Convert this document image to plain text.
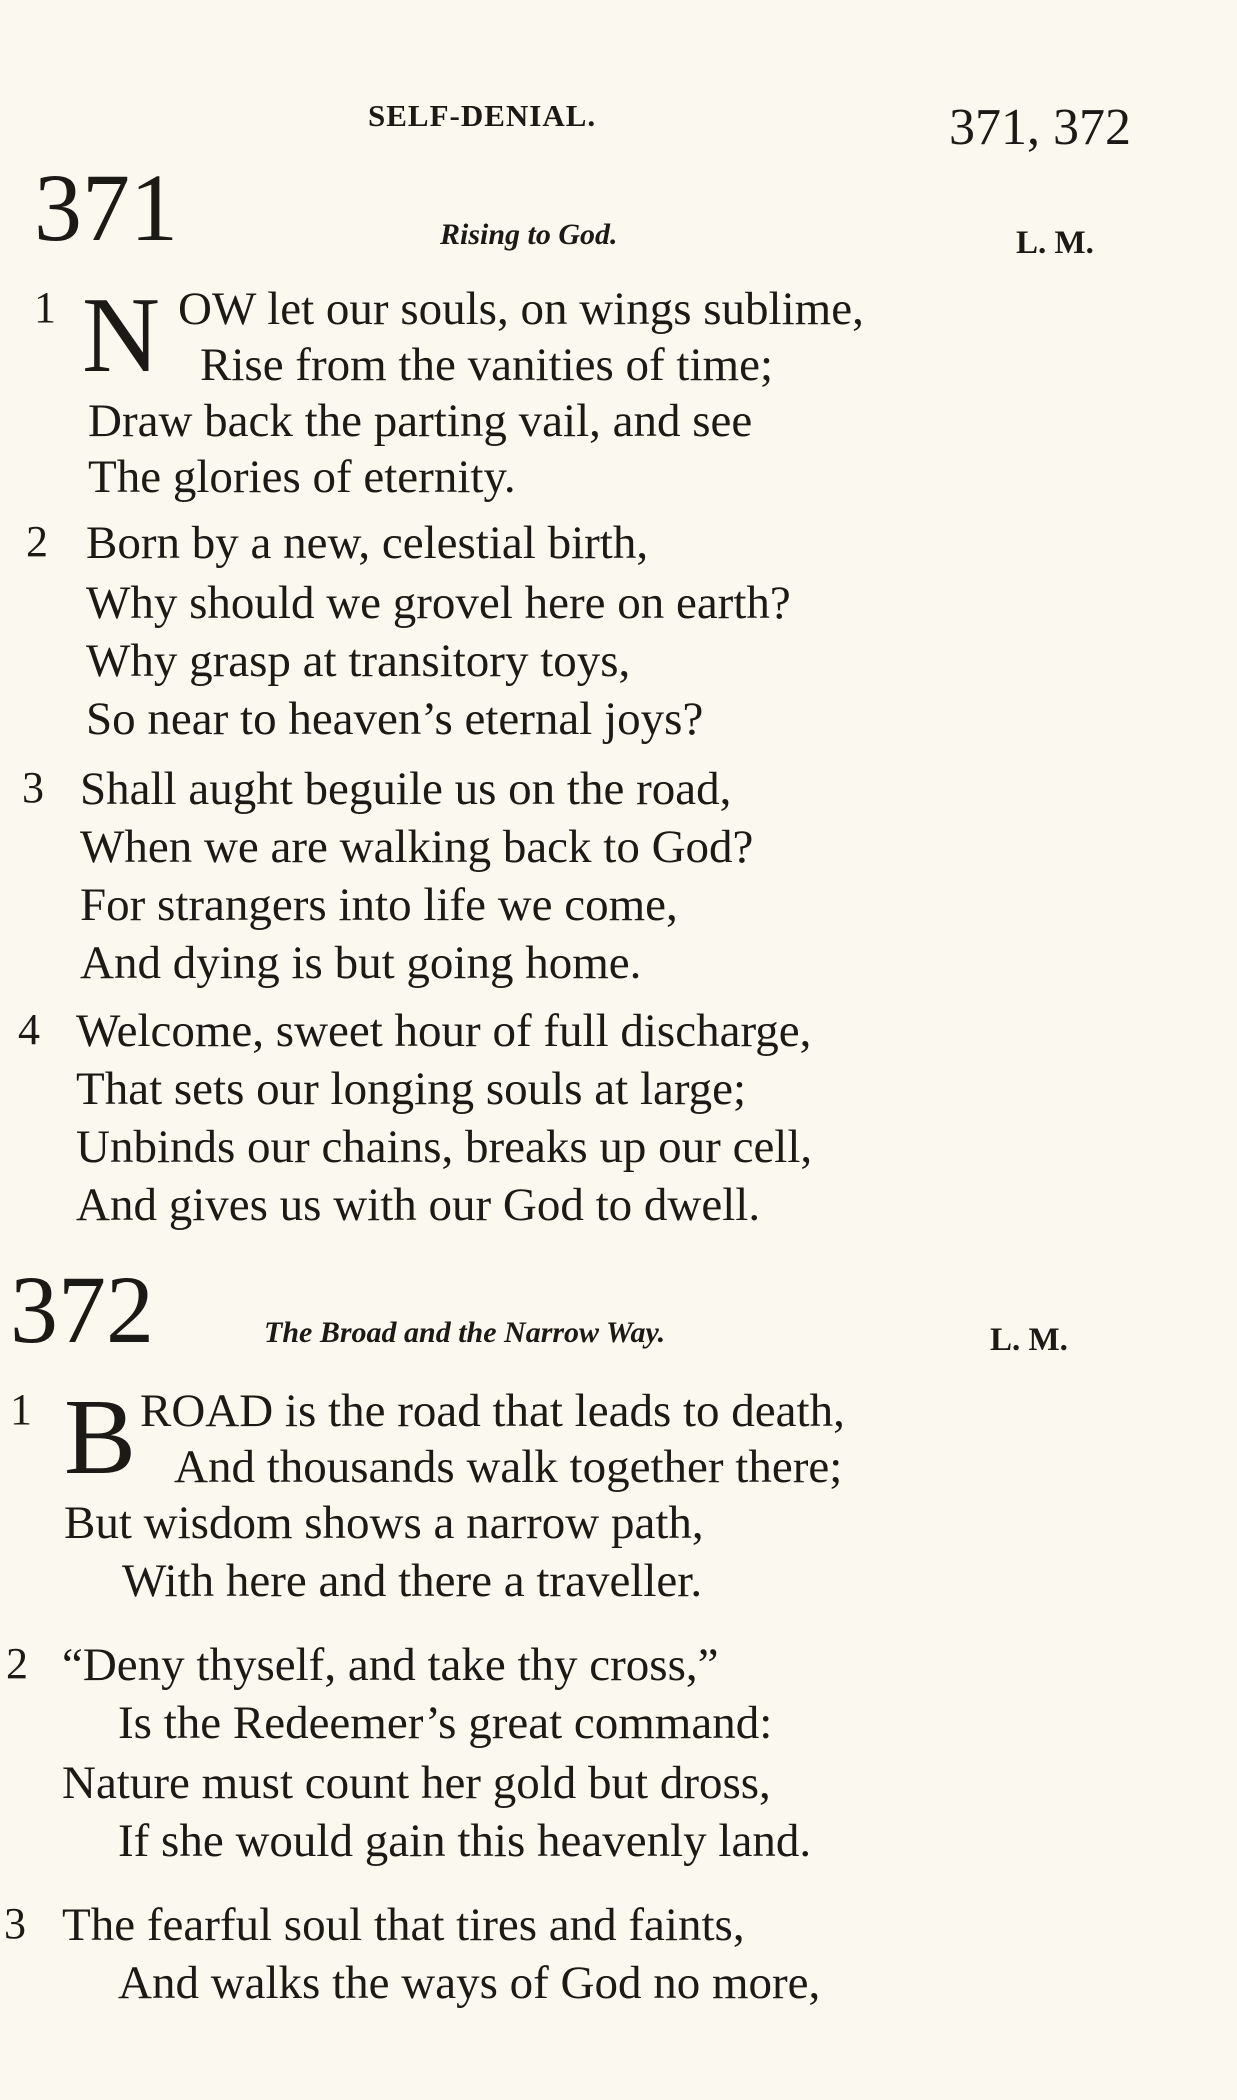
SELF-DENIAL.	371, 372
371	Rising to God.	L. M.
1 N OW let our souls, on wings sublime,
Rise from the vanities of time;
Draw back the parting vail, and see
The glories of eternity.
2 Born by a new, celestial birth,
Why should we grovel here on earth?
Why grasp at transitory toys,
So near to heaven’s eternal joys?
3 Shall aught beguile us on the road,
When we are walking back to God?
For strangers into life we come,
And dying is but going home.
4 Welcome, sweet hour of full discharge,
That sets our longing souls at large;
Unbinds our chains, breaks up our cell,
And gives us with our God to dwell.
372	The Broad and the Narrow Way.	L. M.
1 B ROAD is the road that leads to death,
And thousands walk together there;
But wisdom shows a narrow path,
With here and there a traveller.
2 “Deny thyself, and take thy cross,”
Is the Redeemer’s great command:
Nature must count her gold but dross,
If she would gain this heavenly land.
3 The fearful soul that tires and faints,
And walks the ways of God no more,
